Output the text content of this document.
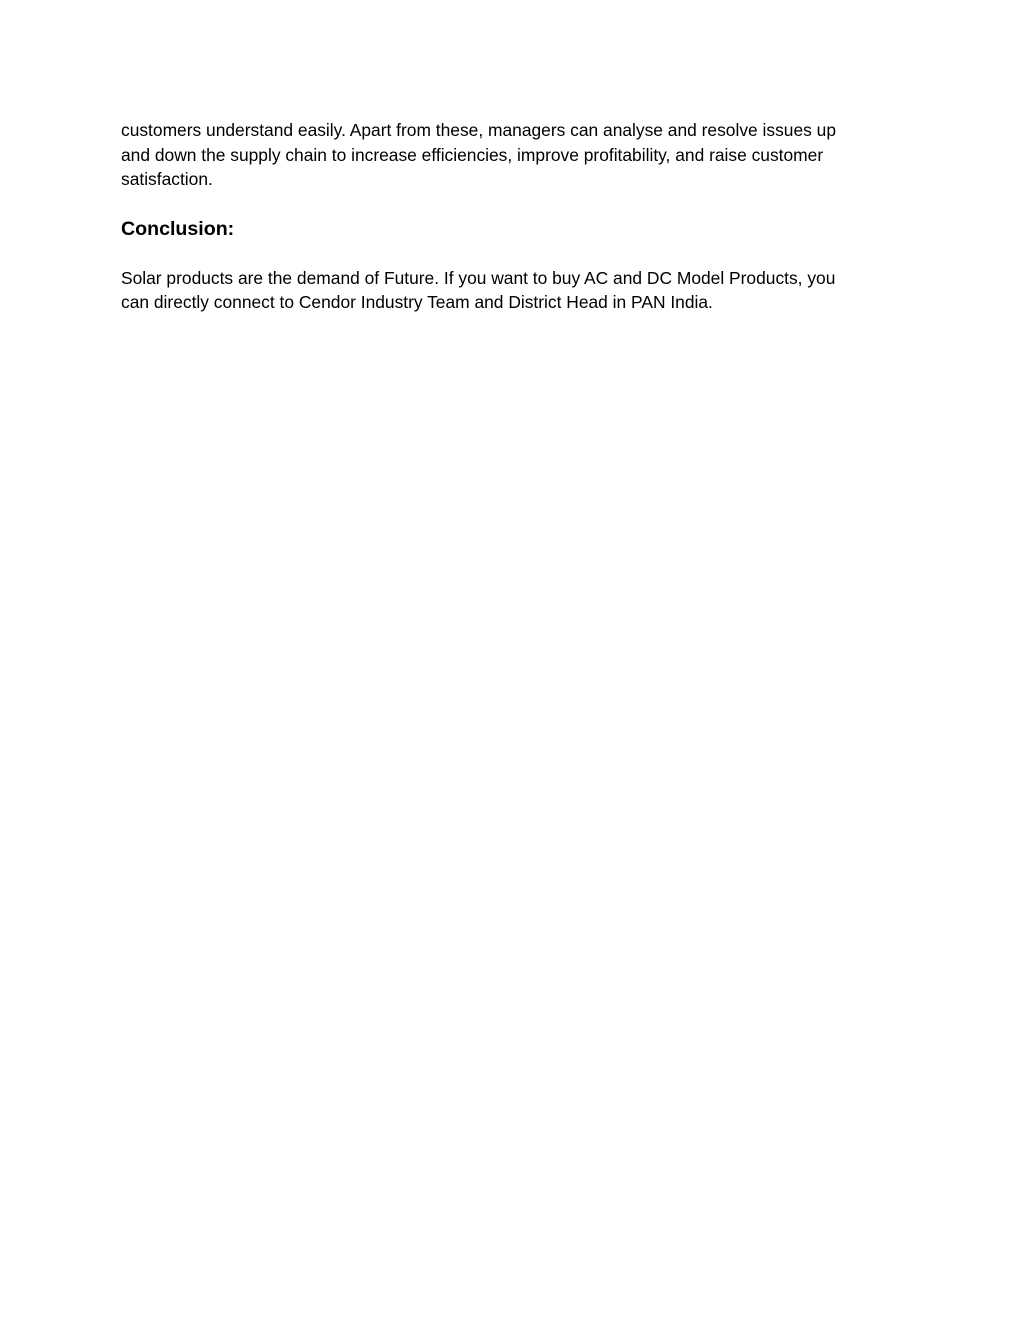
customers understand easily. Apart from these, managers can analyse and resolve issues up
and down the supply chain to increase efficiencies, improve profitability, and raise customer
satisfaction.

Conclusion:

Solar products are the demand of Future. If you want to buy AC and DC Model Products, you
can directly connect to Cendor Industry Team and District Head in PAN India.
